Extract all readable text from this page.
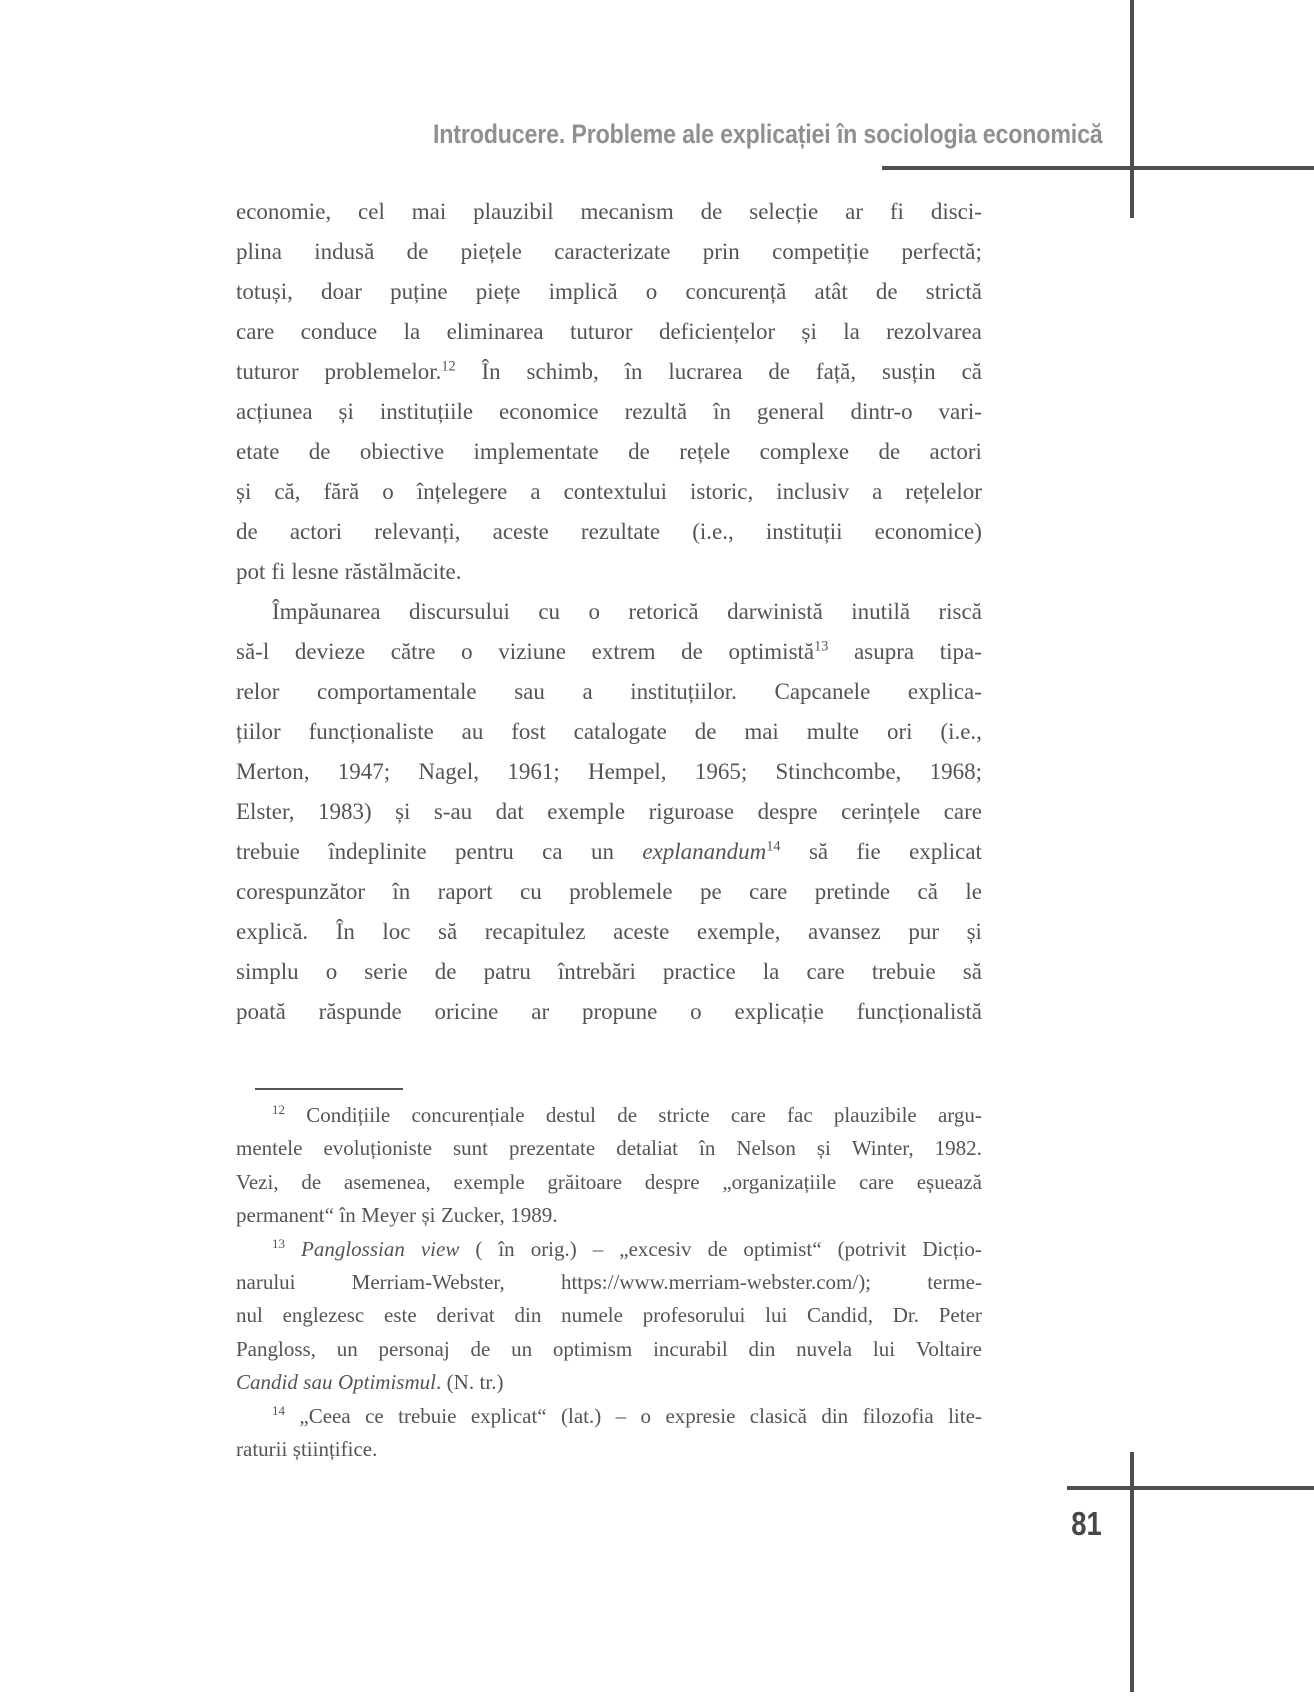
Introducere. Probleme ale explicației în sociologia economică
economie, cel mai plauzibil mecanism de selecție ar fi disci-
plina indusă de piețele caracterizate prin competiție perfectă;
totuși, doar puține piețe implică o concurență atât de strictă
care conduce la eliminarea tuturor deficiențelor și la rezolvarea
tuturor problemelor.$^{12}$ În schimb, în lucrarea de față, susțin că
acțiunea și instituțiile economice rezultă în general dintr-o vari-
etate de obiective implementate de rețele complexe de actori
și că, fără o înțelegere a contextului istoric, inclusiv a rețelelor
de actori relevanți, aceste rezultate (i.e., instituții economice)
pot fi lesne răstălmăcite.
Împăunarea discursului cu o retorică darwinistă inutilă riscă
să-l devieze către o viziune extrem de optimistă$^{13}$ asupra tipa-
relor comportamentale sau a instituțiilor. Capcanele explica-
țiilor funcționaliste au fost catalogate de mai multe ori (i.e.,
Merton, 1947; Nagel, 1961; Hempel, 1965; Stinchcombe, 1968;
Elster, 1983) și s-au dat exemple riguroase despre cerințele care
trebuie îndeplinite pentru ca un explanandum$^{14}$ să fie explicat
corespunzător în raport cu problemele pe care pretinde că le
explică. În loc să recapitulez aceste exemple, avansez pur și
simplu o serie de patru întrebări practice la care trebuie să
poată răspunde oricine ar propune o explicație funcționalistă
$^{12}$ Condițiile concurențiale destul de stricte care fac plauzibile argu-
mentele evoluționiste sunt prezentate detaliat în Nelson și Winter, 1982.
Vezi, de asemenea, exemple grăitoare despre „organizațiile care eșuează
permanent“ în Meyer și Zucker, 1989.
$^{13}$ Panglossian view ( în orig.) – „excesiv de optimist“ (potrivit Dicțio-
narului	Merriam-Webster,	https://www.merriam-webster.com/);	terme-
nul englezesc este derivat din numele profesorului lui Candid, Dr. Peter
Pangloss, un personaj de un optimism incurabil din nuvela lui Voltaire
Candid sau Optimismul. (N. tr.)
$^{14}$ „Ceea ce trebuie explicat“ (lat.) – o expresie clasică din filozofia lite-
raturii științifice.
81
